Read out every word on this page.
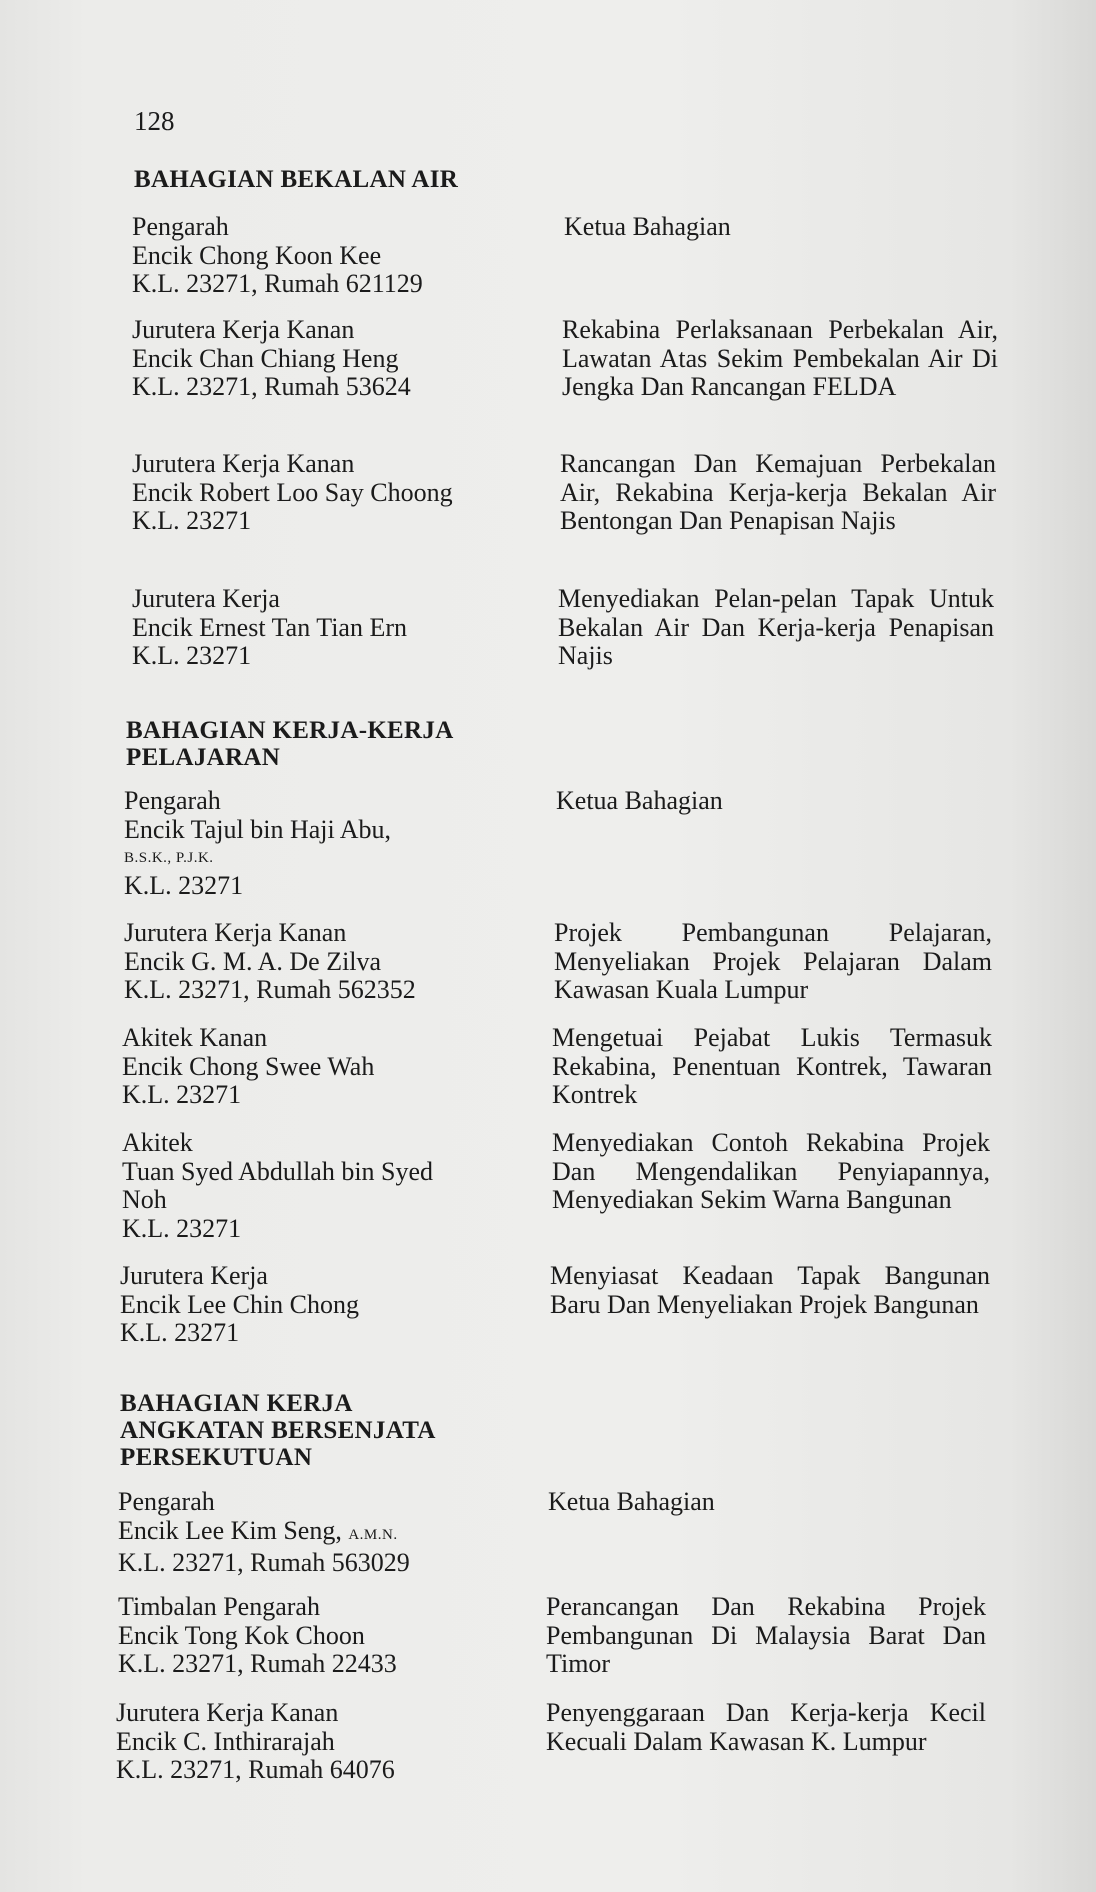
128
BAHAGIAN BEKALAN AIR
Pengarah
Encik Chong Koon Kee
K.L. 23271, Rumah 621129
Ketua Bahagian
Jurutera Kerja Kanan
Encik Chan Chiang Heng
K.L. 23271, Rumah 53624
Rekabina Perlaksanaan Perbekalan Air, Lawatan Atas Sekim Pembekalan Air Di Jengka Dan Rancangan FELDA
Jurutera Kerja Kanan
Encik Robert Loo Say Choong
K.L. 23271
Rancangan Dan Kemajuan Perbekalan Air, Rekabina Kerja-kerja Bekalan Air Bentongan Dan Penapisan Najis
Jurutera Kerja
Encik Ernest Tan Tian Ern
K.L. 23271
Menyediakan Pelan-pelan Tapak Untuk Bekalan Air Dan Kerja-kerja Penapisan Najis
BAHAGIAN KERJA-KERJA
PELAJARAN
Pengarah
Encik Tajul bin Haji Abu,
B.S.K., P.J.K.
K.L. 23271
Ketua Bahagian
Jurutera Kerja Kanan
Encik G. M. A. De Zilva
K.L. 23271, Rumah 562352
Projek Pembangunan Pelajaran, Menyeliakan Projek Pelajaran Dalam Kawasan Kuala Lumpur
Akitek Kanan
Encik Chong Swee Wah
K.L. 23271
Mengetuai Pejabat Lukis Termasuk Rekabina, Penentuan Kontrek, Tawaran Kontrek
Akitek
Tuan Syed Abdullah bin Syed
Noh
K.L. 23271
Menyediakan Contoh Rekabina Projek Dan Mengendalikan Penyiapannya, Menyediakan Sekim Warna Bangunan
Jurutera Kerja
Encik Lee Chin Chong
K.L. 23271
Menyiasat Keadaan Tapak Bangunan Baru Dan Menyeliakan Projek Bangunan
BAHAGIAN KERJA
ANGKATAN BERSENJATA
PERSEKUTUAN
Pengarah
Encik Lee Kim Seng, A.M.N.
K.L. 23271, Rumah 563029
Ketua Bahagian
Timbalan Pengarah
Encik Tong Kok Choon
K.L. 23271, Rumah 22433
Perancangan Dan Rekabina Projek Pembangunan Di Malaysia Barat Dan Timor
Jurutera Kerja Kanan
Encik C. Inthirarajah
K.L. 23271, Rumah 64076
Penyenggaraan Dan Kerja-kerja Kecil Kecuali Dalam Kawasan K. Lumpur
